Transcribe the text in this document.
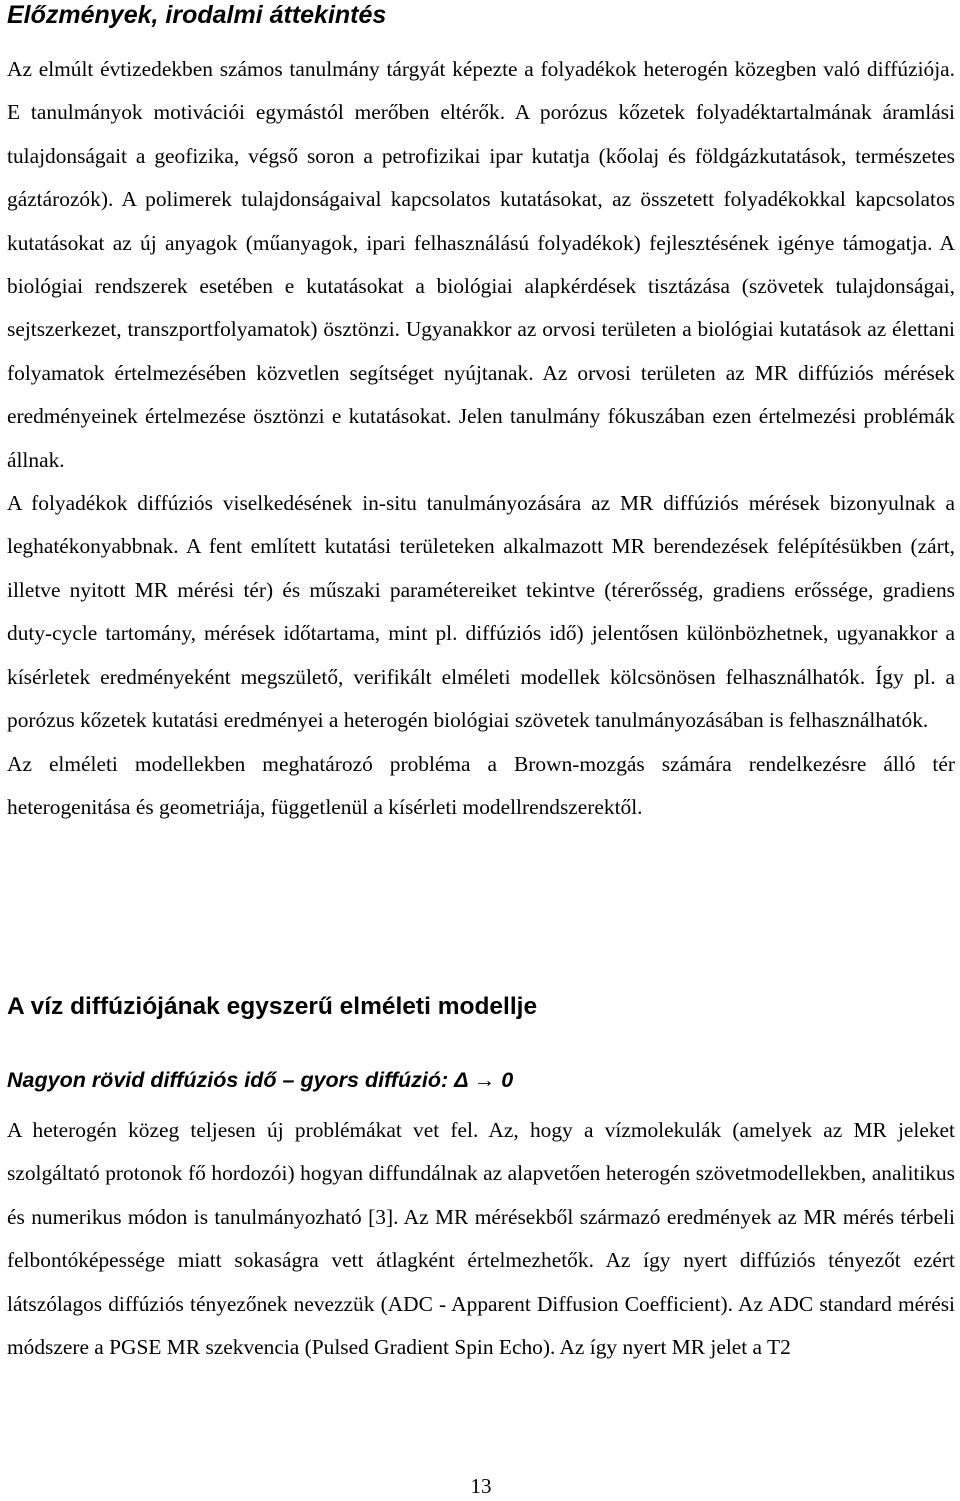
Előzmények, irodalmi áttekintés

Az elmúlt évtizedekben számos tanulmány tárgyát képezte a folyadékok heterogén közegben való diffúziója. E tanulmányok motivációi egymástól merőben eltérők. A porózus kőzetek folyadéktartalmának áramlási tulajdonságait a geofizika, végső soron a petrofizikai ipar kutatja (kőolaj és földgázkutatások, természetes gáztározók). A polimerek tulajdonságaival kapcsolatos kutatásokat, az összetett folyadékokkal kapcsolatos kutatásokat az új anyagok (műanyagok, ipari felhasználású folyadékok) fejlesztésének igénye támogatja. A biológiai rendszerek esetében e kutatásokat a biológiai alapkérdések tisztázása (szövetek tulajdonságai, sejtszerkezet, transzportfolyamatok) ösztönzi. Ugyanakkor az orvosi területen a biológiai kutatások az élettani folyamatok értelmezésében közvetlen segítséget nyújtanak. Az orvosi területen az MR diffúziós mérések eredményeinek értelmezése ösztönzi e kutatásokat. Jelen tanulmány fókuszában ezen értelmezési problémák állnak.

A folyadékok diffúziós viselkedésének in-situ tanulmányozására az MR diffúziós mérések bizonyulnak a leghatékonyabbnak. A fent említett kutatási területeken alkalmazott MR berendezések felépítésükben (zárt, illetve nyitott MR mérési tér) és műszaki paramétereiket tekintve (térerősség, gradiens erőssége, gradiens duty-cycle tartomány, mérések időtartama, mint pl. diffúziós idő) jelentősen különbözhetnek, ugyanakkor a kísérletek eredményeként megszülető, verifikált elméleti modellek kölcsönösen felhasználhatók. Így pl. a porózus kőzetek kutatási eredményei a heterogén biológiai szövetek tanulmányozásában is felhasználhatók.

Az elméleti modellekben meghatározó probléma a Brown-mozgás számára rendelkezésre álló tér heterogenitása és geometriája, függetlenül a kísérleti modellrendszerektől.

A víz diffúziójának egyszerű elméleti modellje
Nagyon rövid diffúziós idő – gyors diffúzió: Δ → 0

A heterogén közeg teljesen új problémákat vet fel. Az, hogy a vízmolekulák (amelyek az MR jeleket szolgáltató protonok fő hordozói) hogyan diffundálnak az alapvetően heterogén szövetmodellekben, analitikus és numerikus módon is tanulmányozható [3]. Az MR mérésekből származó eredmények az MR mérés térbeli felbontóképessége miatt sokaságra vett átlagként értelmezhetők. Az így nyert diffúziós tényezőt ezért látszólagos diffúziós tényezőnek nevezzük (ADC - Apparent Diffusion Coefficient). Az ADC standard mérési módszere a PGSE MR szekvencia (Pulsed Gradient Spin Echo). Az így nyert MR jelet a T2

13
